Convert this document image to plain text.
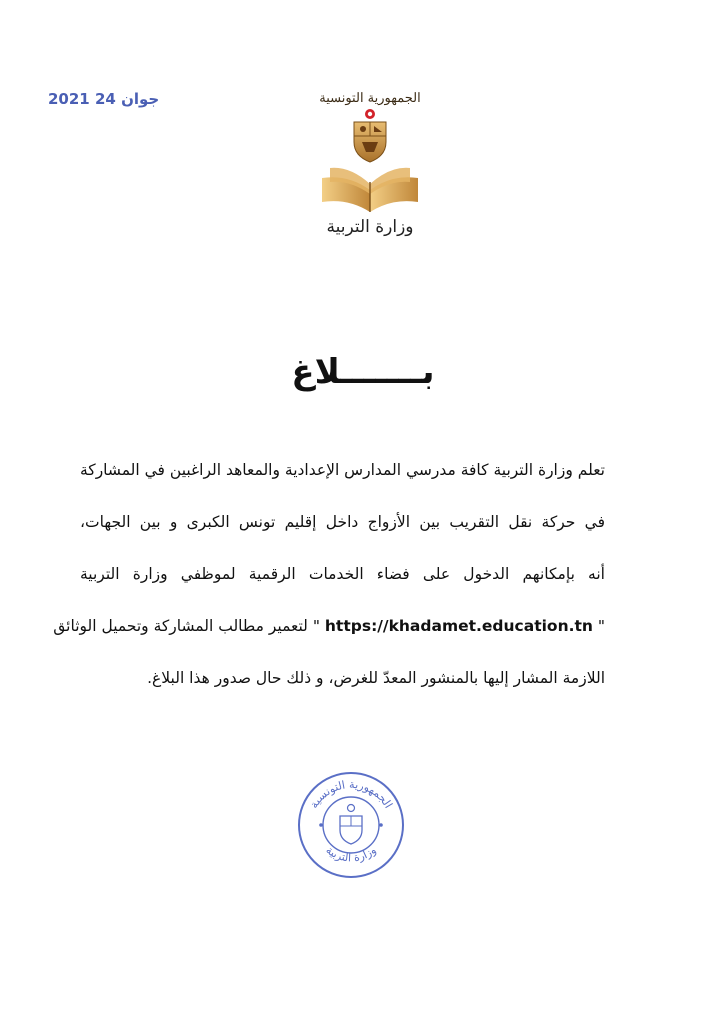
2021 جوان 24	الجمهورية التونسية
وزارة التربية
بـــــــلاغ
تعلم وزارة التربية كافة مدرسي المدارس الإعدادية والمعاهد الراغبين في المشاركة
في حركة نقل التقريب بين الأزواج داخل إقليم تونس الكبرى و بين الجهات،
أنه بإمكانهم الدخول على فضاء الخدمات الرقمية لموظفي وزارة التربية
" https://khadamet.education.tn " لتعمير مطالب المشاركة وتحميل الوثائق
اللازمة المشار إليها بالمنشور المعدّ للغرض، و ذلك حال صدور هذا البلاغ.
الجمهورية التونسية
وزارة التربية
